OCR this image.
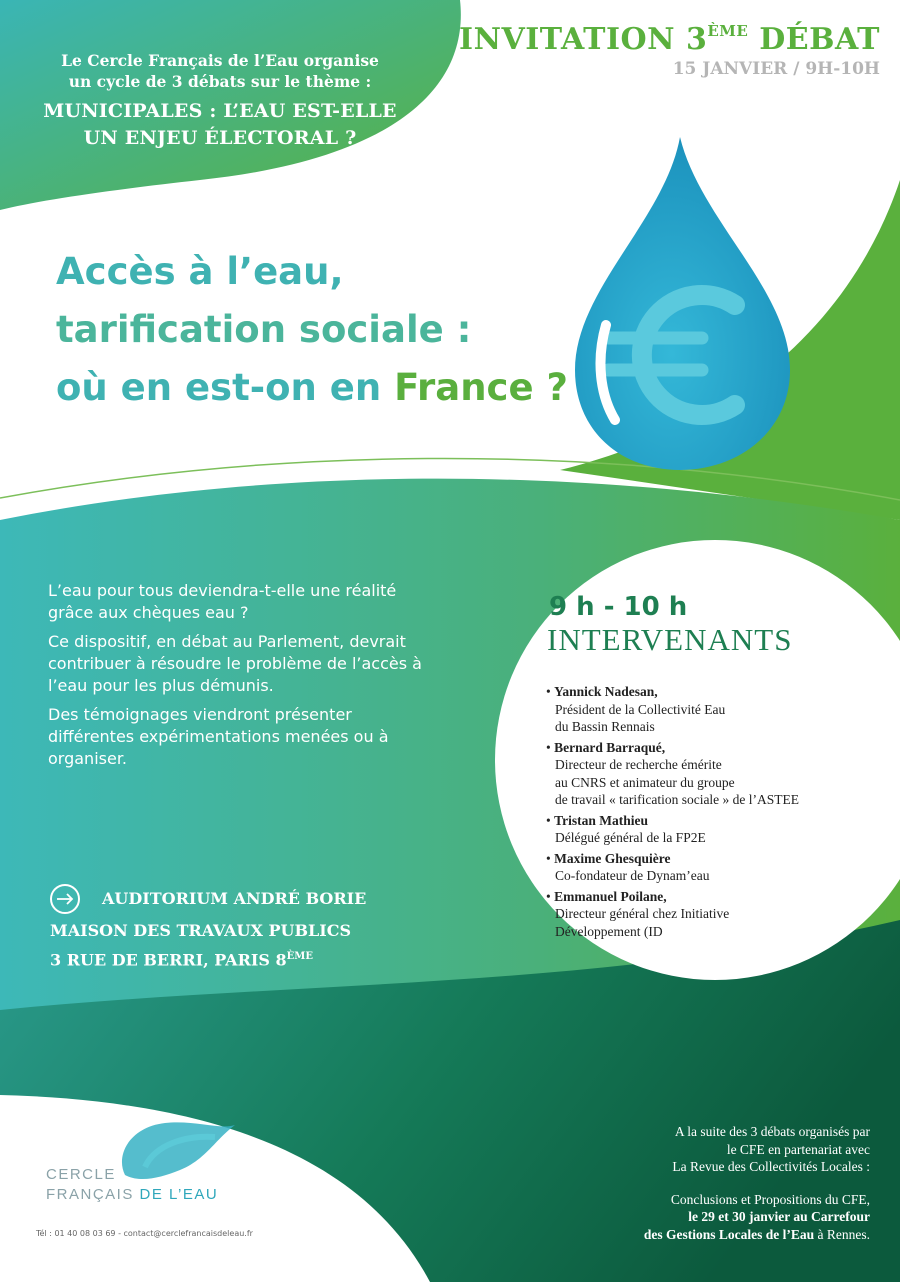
Le Cercle Français de l’Eau organise
un cycle de 3 débats sur le thème :
MUNICIPALES : L’EAU EST-ELLE
UN ENJEU ÉLECTORAL ?
INVITATION 3ÈME DÉBAT
15 JANVIER / 9H-10H
Accès à l’eau,
tarification sociale :
où en est-on en France ?

L’eau pour tous deviendra-t-elle une réalité grâce aux chèques eau ?

Ce dispositif, en débat au Parlement, devrait contribuer à résoudre le problème de l’accès à l’eau pour les plus démunis.

Des témoignages viendront présenter différentes expérimentations menées ou à organiser.

AUDITORIUM ANDRÉ BORIE
MAISON DES TRAVAUX PUBLICS
3 RUE DE BERRI, PARIS 8ÈME
9 h - 10 h
INTERVENANTS
• Yannick Nadesan,
Président de la Collectivité Eau
du Bassin Rennais
• Bernard Barraqué,
Directeur de recherche émérite
au CNRS et animateur du groupe
de travail « tarification sociale » de l’ASTEE
• Tristan Mathieu
Délégué général de la FP2E
• Maxime Ghesquière
Co-fondateur de Dynam’eau
• Emmanuel Poilane,
Directeur général chez Initiative
Développement (ID
CERCLE
FRANÇAIS DE L’EAU
Tél : 01 40 08 03 69 - contact@cerclefrancaisdeleau.fr
A la suite des 3 débats organisés par
le CFE en partenariat avec
La Revue des Collectivités Locales :
Conclusions et Propositions du CFE,
le 29 et 30 janvier au Carrefour
des Gestions Locales de l’Eau à Rennes.
